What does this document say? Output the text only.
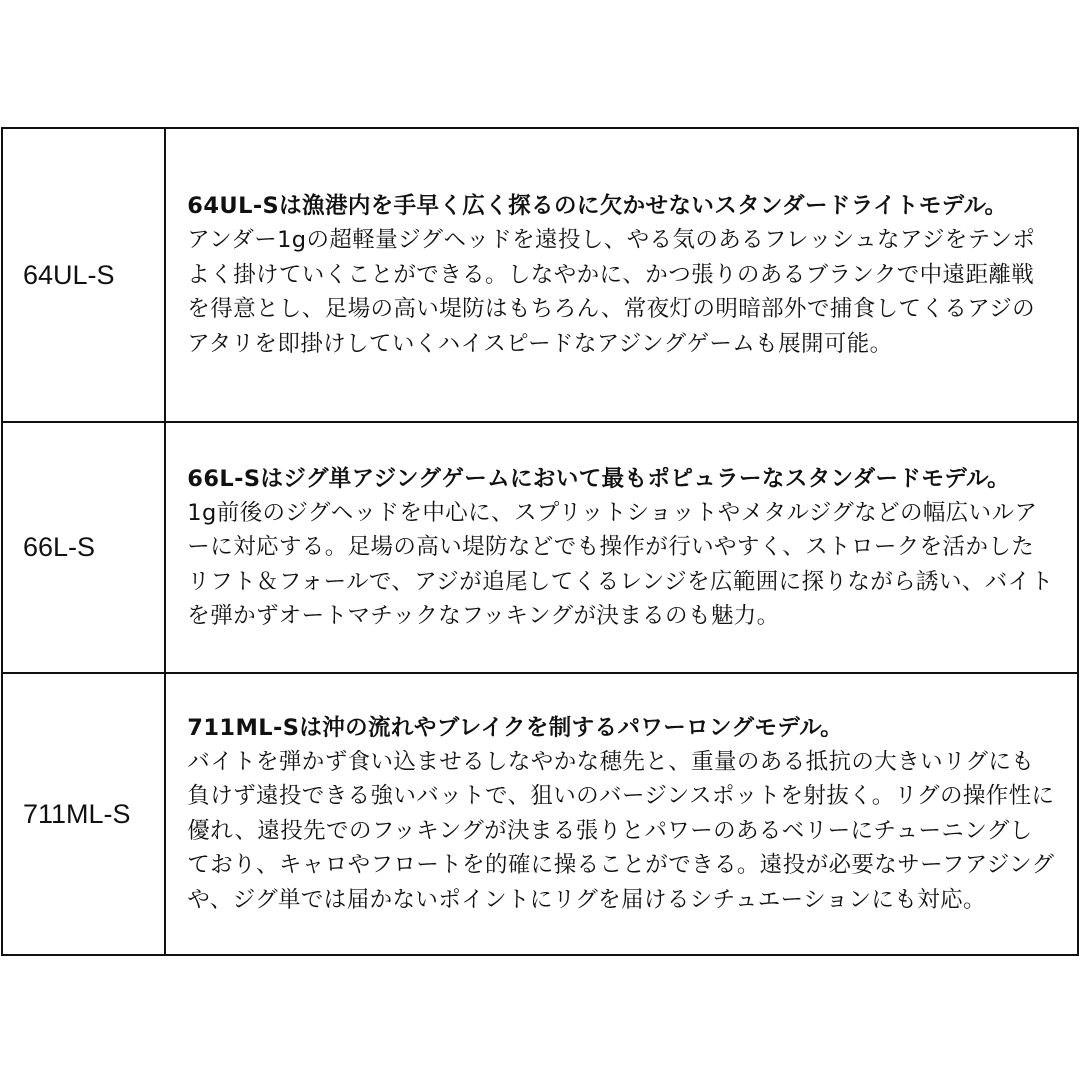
64UL-S	64UL-Sは漁港内を手早く広く探るのに欠かせないスタンダードライトモデル。
アンダー1gの超軽量ジグヘッドを遠投し、やる気のあるフレッシュなアジをテンポよく掛けていくことができる。しなやかに、かつ張りのあるブランクで中遠距離戦を得意とし、足場の高い堤防はもちろん、常夜灯の明暗部外で捕食してくるアジのアタリを即掛けしていくハイスピードなアジングゲームも展開可能。

66L-S	66L-Sはジグ単アジングゲームにおいて最もポピュラーなスタンダードモデル。
1g前後のジグヘッドを中心に、スプリットショットやメタルジグなどの幅広いルアーに対応する。足場の高い堤防などでも操作が行いやすく、ストロークを活かしたリフト＆フォールで、アジが追尾してくるレンジを広範囲に探りながら誘い、バイトを弾かずオートマチックなフッキングが決まるのも魅力。

711ML-S	711ML-Sは沖の流れやブレイクを制するパワーロングモデル。
バイトを弾かず食い込ませるしなやかな穂先と、重量のある抵抗の大きいリグにも負けず遠投できる強いバットで、狙いのバージンスポットを射抜く。リグの操作性に優れ、遠投先でのフッキングが決まる張りとパワーのあるベリーにチューニングしており、キャロやフロートを的確に操ることができる。遠投が必要なサーフアジングや、ジグ単では届かないポイントにリグを届けるシチュエーションにも対応。
